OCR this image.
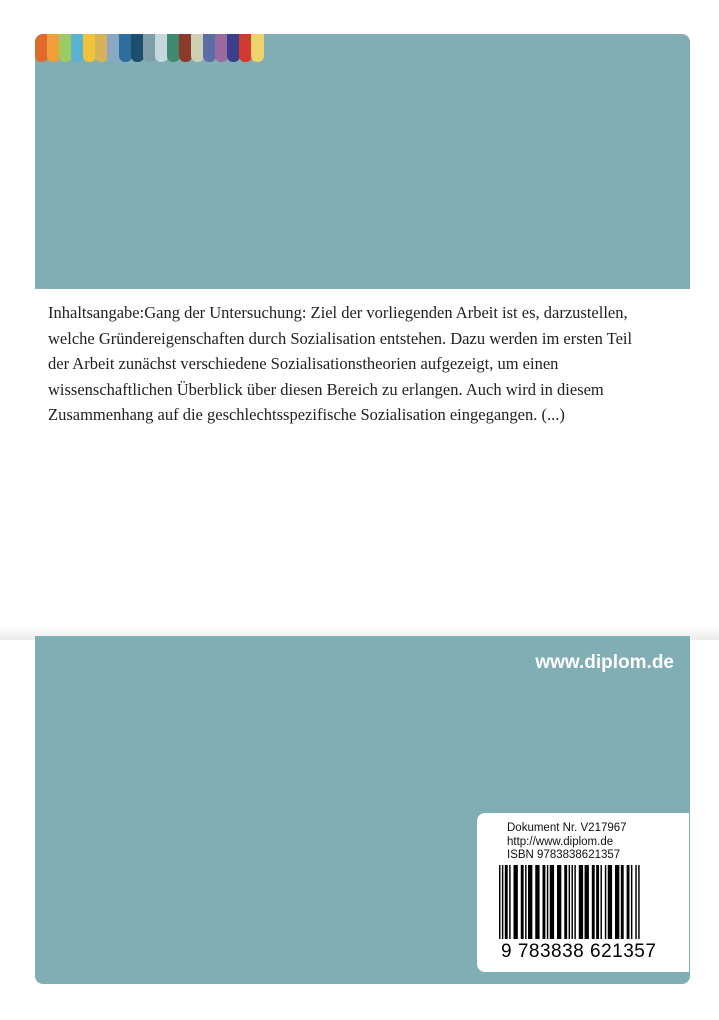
Inhaltsangabe:Gang der Untersuchung: Ziel der vorliegenden Arbeit ist es, darzustellen,
welche Gründereigenschaften durch Sozialisation entstehen. Dazu werden im ersten Teil
der Arbeit zunächst verschiedene Sozialisationstheorien aufgezeigt, um einen
wissenschaftlichen Überblick über diesen Bereich zu erlangen. Auch wird in diesem
Zusammenhang auf die geschlechtsspezifische Sozialisation eingegangen. (...)
www.diplom.de
Dokument Nr. V217967
http://www.diplom.de
ISBN 9783838621357
9 783838 621357
